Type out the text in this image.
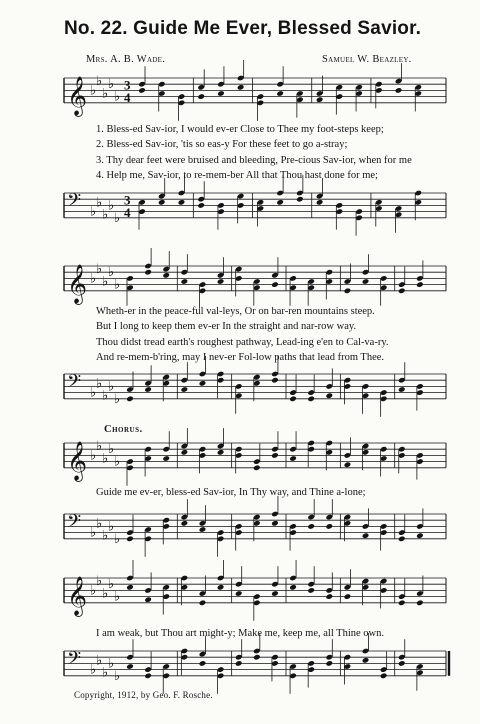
No. 22. Guide Me Ever, Blessed Savior.
Mrs. A. B. Wade.	Samuel W. Beazley.
𝄞 ♭
♭
♭
♭
♭
3
4
1. Bless-ed Sav-ior, I would ev-er Close to Thee my foot-steps keep;
2. Bless-ed Sav-ior, 'tis so eas-y For these feet to go a-stray;
3. Thy dear feet were bruised and bleeding, Pre-cious Sav-ior, when for me
4. Help me, Sav-ior, to re-mem-ber All that Thou hast done for me;
𝄢 ♭
♭
♭
♭
♭
3
4
𝄞 ♭
♭
♭
♭
♭
Wheth-er in the peace-ful val-leys, Or on bar-ren mountains steep.
But I long to keep them ev-er In the straight and nar-row way.
Thou didst tread earth's roughest pathway, Lead-ing e'en to Cal-va-ry.
And re-mem-b'ring, may I nev-er Fol-low paths that lead from Thee.
𝄢 ♭
♭
♭
♭
♭
Chorus.
𝄞 ♭
♭
♭
♭
♭
Guide me ev-er, bless-ed Sav-ior, In Thy way, and Thine a-lone;
𝄢 ♭
♭
♭
♭
♭
𝄞 ♭
♭
♭
♭
♭
I am weak, but Thou art might-y; Make me, keep me, all Thine own.
𝄢 ♭
♭
♭
♭
♭
Copyright, 1912, by Geo. F. Rosche.
